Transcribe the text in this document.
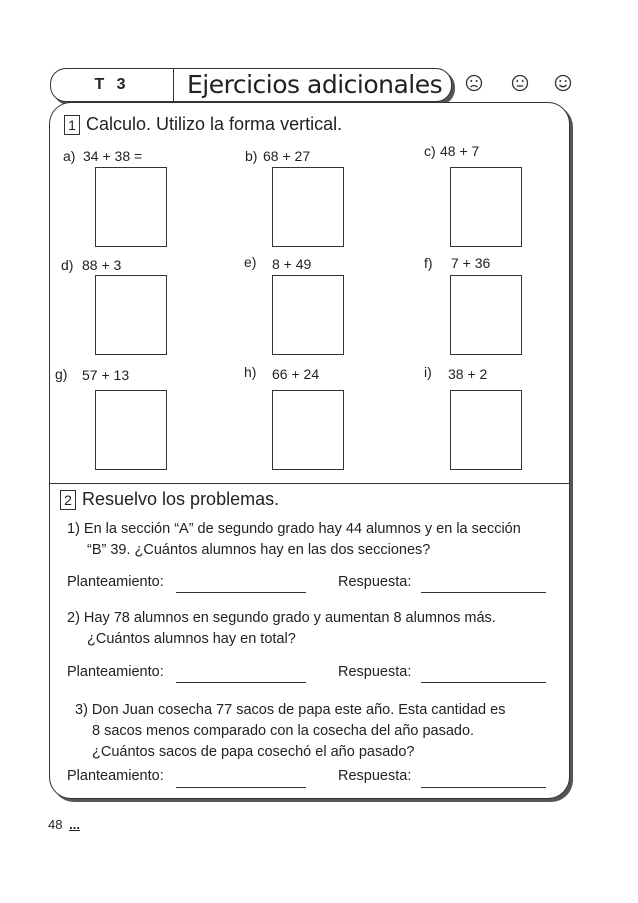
T 3	Ejercicios adicionales
1 Calculo. Utilizo la forma vertical.
a) 34 + 38 =	b) 68 + 27	c) 48 + 7
d) 88 + 3	e) 8 + 49	f) 7 + 36
g) 57 + 13	h) 66 + 24	i) 38 + 2
2 Resuelvo los problemas.
1) En la sección “A” de segundo grado hay 44 alumnos y en la sección
“B” 39. ¿Cuántos alumnos hay en las dos secciones?
Planteamiento:	Respuesta:
2) Hay 78 alumnos en segundo grado y aumentan 8 alumnos más.
¿Cuántos alumnos hay en total?
Planteamiento:	Respuesta:
3) Don Juan cosecha 77 sacos de papa este año. Esta cantidad es
8 sacos menos comparado con la cosecha del año pasado.
¿Cuántos sacos de papa cosechó el año pasado?
Planteamiento:	Respuesta:
48 ...
